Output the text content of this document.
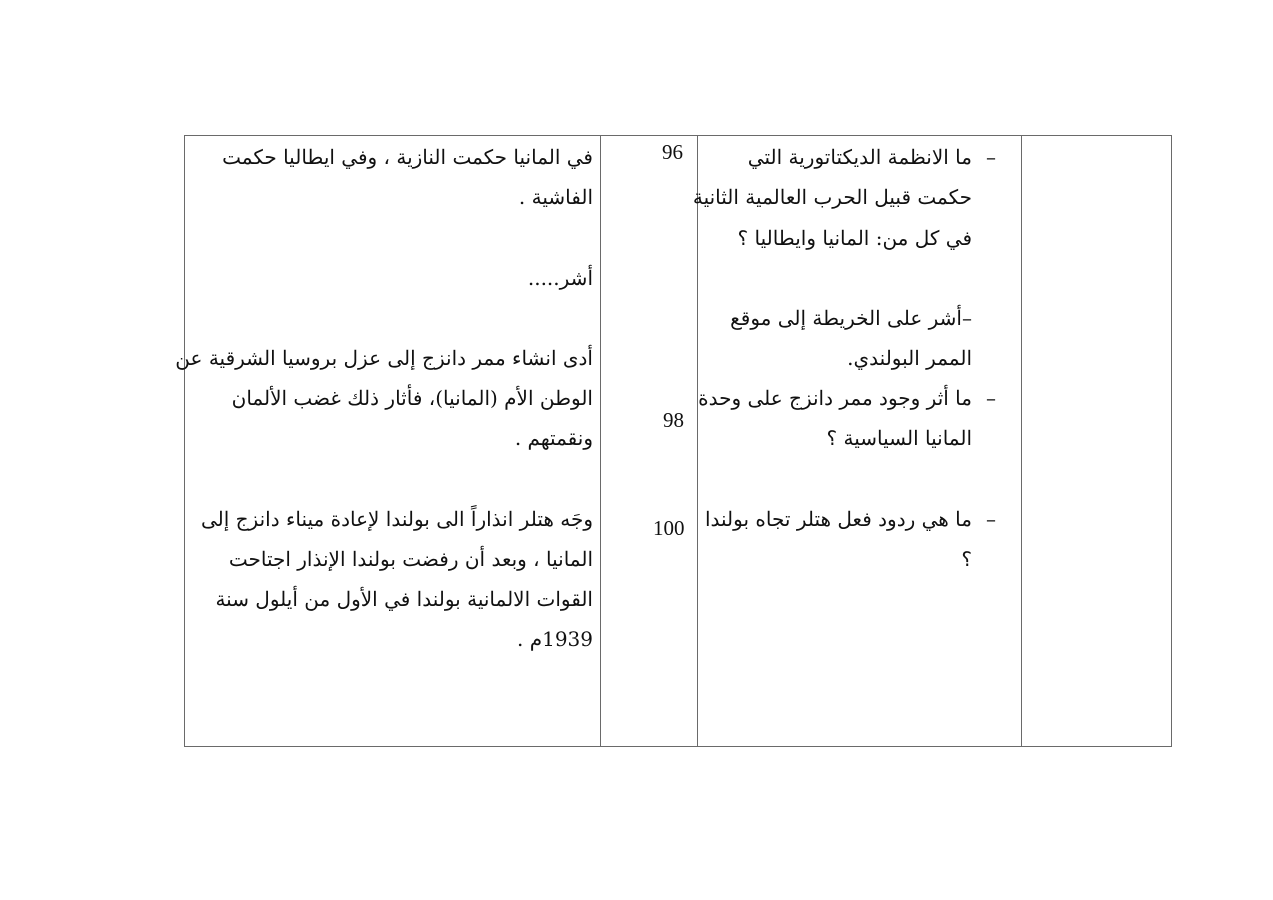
–
ما الانظمة الديكتاتورية التي
حكمت قبيل الحرب العالمية الثانية
في كل من: المانيا وايطاليا ؟
–أشر على الخريطة إلى موقع
الممر البولندي.
–
ما أثر وجود ممر دانزج على وحدة
المانيا السياسية ؟
–
ما هي ردود فعل هتلر تجاه بولندا
؟
96
98
100
في المانيا حكمت النازية ، وفي ايطاليا حكمت
الفاشية .
أشر.....
أدى انشاء ممر دانزج إلى عزل بروسيا الشرقية عن
الوطن الأم (المانيا)، فأثار ذلك غضب الألمان
ونقمتهم .
وجَه هتلر انذاراً الى بولندا لإعادة ميناء دانزج إلى
المانيا ، وبعد أن رفضت بولندا الإنذار اجتاحت
القوات الالمانية بولندا في الأول من أيلول سنة
1939م .
